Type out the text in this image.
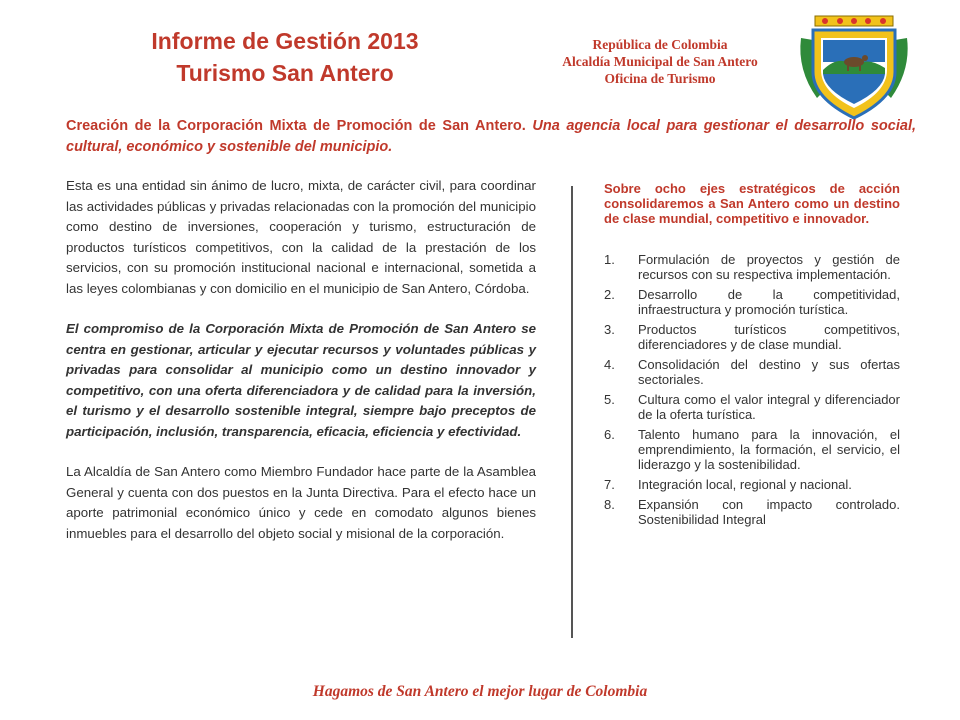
Informe de Gestión 2013
Turismo San Antero
República de Colombia
Alcaldía Municipal de San Antero
Oficina de Turismo
Creación de la Corporación Mixta de Promoción de San Antero. Una agencia local para gestionar el desarrollo social, cultural, económico y sostenible del municipio.

Esta es una entidad sin ánimo de lucro, mixta, de carácter civil, para coordinar las actividades públicas y privadas relacionadas con la promoción del municipio como destino de inversiones, cooperación y turismo, estructuración de productos turísticos competitivos, con la calidad de la prestación de los servicios, con su promoción institucional nacional e internacional, sometida a las leyes colombianas y con domicilio en el municipio de San Antero, Córdoba.

El compromiso de la Corporación Mixta de Promoción de San Antero se centra en gestionar, articular y ejecutar recursos y voluntades públicas y privadas para consolidar al municipio como un destino innovador y competitivo, con una oferta diferenciadora y de calidad para la inversión, el turismo y el desarrollo sostenible integral, siempre bajo preceptos de participación, inclusión, transparencia, eficacia, eficiencia y efectividad.

La Alcaldía de San Antero como Miembro Fundador hace parte de la Asamblea General y cuenta con dos puestos en la Junta Directiva. Para el efecto hace un aporte patrimonial económico único y cede en comodato algunos bienes inmuebles para el desarrollo del objeto social y misional de la corporación.

Sobre ocho ejes estratégicos de acción consolidaremos a San Antero como un destino de clase mundial, competitivo e innovador.
1.	Formulación de proyectos y gestión de recursos con su respectiva implementación.
2.	Desarrollo de la competitividad, infraestructura y promoción turística.
3.	Productos turísticos competitivos, diferenciadores y de clase mundial.
4.	Consolidación del destino y sus ofertas sectoriales.
5.	Cultura como el valor integral y diferenciador de la oferta turística.
6.	Talento humano para la innovación, el emprendimiento, la formación, el servicio, el liderazgo y la sostenibilidad.
7.	Integración local, regional y nacional.
8.	Expansión con impacto controlado. Sostenibilidad Integral
Hagamos de San Antero el mejor lugar de Colombia
